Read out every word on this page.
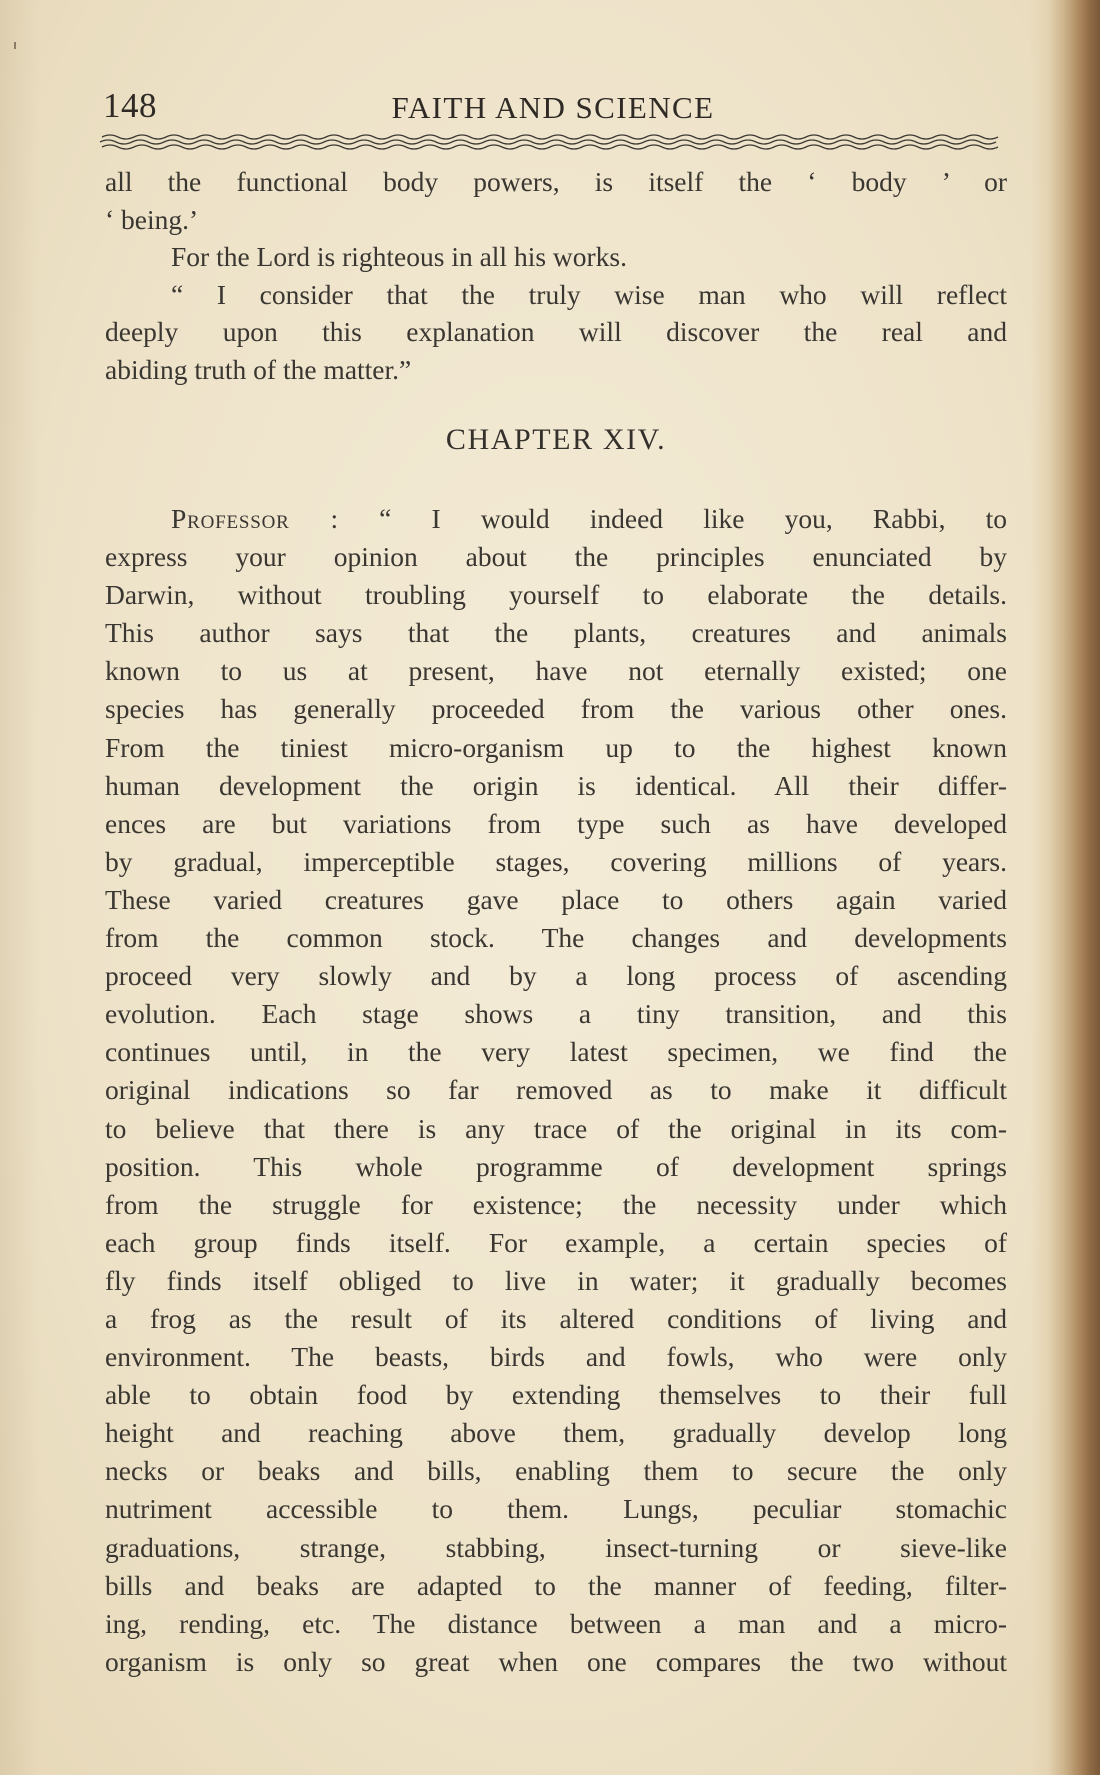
148	FAITH AND SCIENCE
all the functional body powers, is itself the ‘ body ’ or
‘ being.’
For the Lord is righteous in all his works.
“ I consider that the truly wise man who will reflect
deeply upon this explanation will discover the real and
abiding truth of the matter.”
CHAPTER XIV.
Professor : “ I would indeed like you, Rabbi, to
express your opinion about the principles enunciated by
Darwin, without troubling yourself to elaborate the details.
This author says that the plants, creatures and animals
known to us at present, have not eternally existed; one
species has generally proceeded from the various other ones.
From the tiniest micro-organism up to the highest known
human development the origin is identical. All their differ-
ences are but variations from type such as have developed
by gradual, imperceptible stages, covering millions of years.
These varied creatures gave place to others again varied
from the common stock. The changes and developments
proceed very slowly and by a long process of ascending
evolution. Each stage shows a tiny transition, and this
continues until, in the very latest specimen, we find the
original indications so far removed as to make it difficult
to believe that there is any trace of the original in its com-
position. This whole programme of development springs
from the struggle for existence; the necessity under which
each group finds itself. For example, a certain species of
fly finds itself obliged to live in water; it gradually becomes
a frog as the result of its altered conditions of living and
environment. The beasts, birds and fowls, who were only
able to obtain food by extending themselves to their full
height and reaching above them, gradually develop long
necks or beaks and bills, enabling them to secure the only
nutriment accessible to them. Lungs, peculiar stomachic
graduations, strange, stabbing, insect-turning or sieve-like
bills and beaks are adapted to the manner of feeding, filter-
ing, rending, etc. The distance between a man and a micro-
organism is only so great when one compares the two without
